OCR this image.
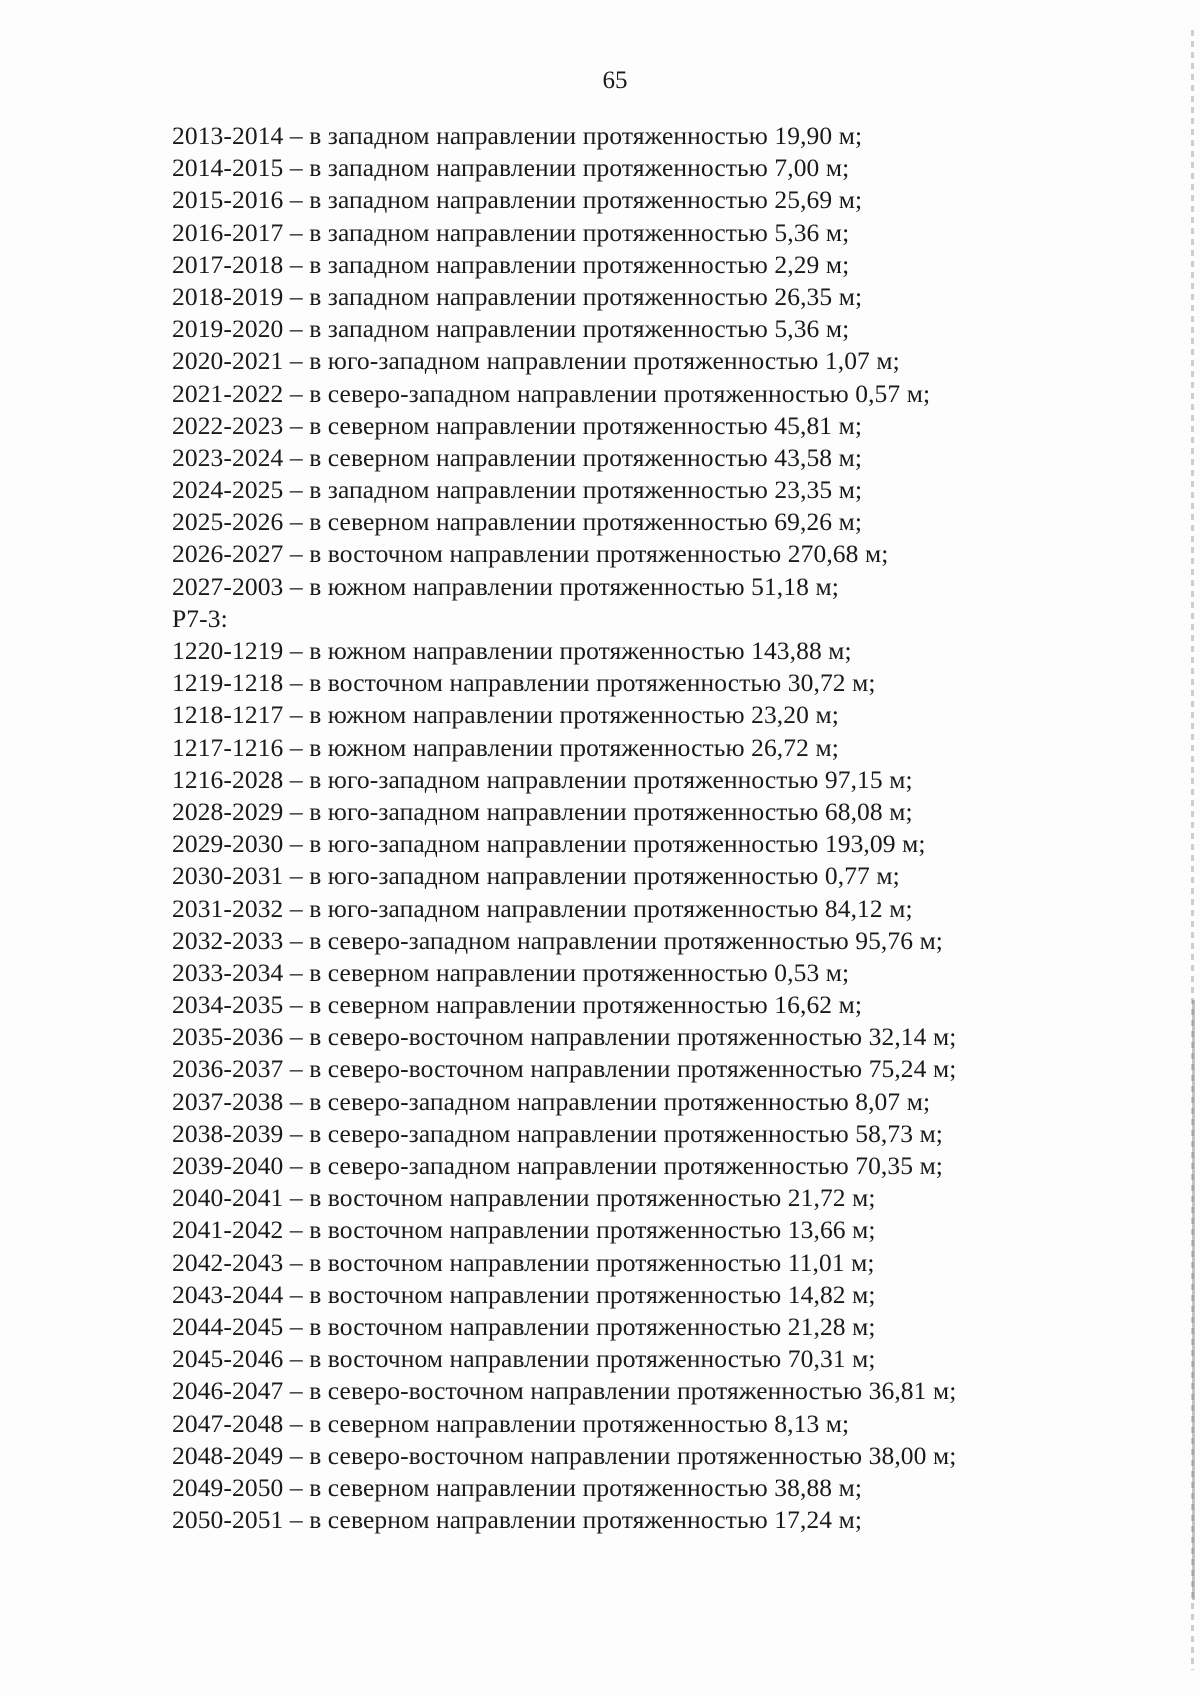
65
2013-2014 – в западном направлении протяженностью 19,90 м;
2014-2015 – в западном направлении протяженностью 7,00 м;
2015-2016 – в западном направлении протяженностью 25,69 м;
2016-2017 – в западном направлении протяженностью 5,36 м;
2017-2018 – в западном направлении протяженностью 2,29 м;
2018-2019 – в западном направлении протяженностью 26,35 м;
2019-2020 – в западном направлении протяженностью 5,36 м;
2020-2021 – в юго-западном направлении протяженностью 1,07 м;
2021-2022 – в северо-западном направлении протяженностью 0,57 м;
2022-2023 – в северном направлении протяженностью 45,81 м;
2023-2024 – в северном направлении протяженностью 43,58 м;
2024-2025 – в западном направлении протяженностью 23,35 м;
2025-2026 – в северном направлении протяженностью 69,26 м;
2026-2027 – в восточном направлении протяженностью 270,68 м;
2027-2003 – в южном направлении протяженностью 51,18 м;
Р7-3:
1220-1219 – в южном направлении протяженностью 143,88 м;
1219-1218 – в восточном направлении протяженностью 30,72 м;
1218-1217 – в южном направлении протяженностью 23,20 м;
1217-1216 – в южном направлении протяженностью 26,72 м;
1216-2028 – в юго-западном направлении протяженностью 97,15 м;
2028-2029 – в юго-западном направлении протяженностью 68,08 м;
2029-2030 – в юго-западном направлении протяженностью 193,09 м;
2030-2031 – в юго-западном направлении протяженностью 0,77 м;
2031-2032 – в юго-западном направлении протяженностью 84,12 м;
2032-2033 – в северо-западном направлении протяженностью 95,76 м;
2033-2034 – в северном направлении протяженностью 0,53 м;
2034-2035 – в северном направлении протяженностью 16,62 м;
2035-2036 – в северо-восточном направлении протяженностью 32,14 м;
2036-2037 – в северо-восточном направлении протяженностью 75,24 м;
2037-2038 – в северо-западном направлении протяженностью 8,07 м;
2038-2039 – в северо-западном направлении протяженностью 58,73 м;
2039-2040 – в северо-западном направлении протяженностью 70,35 м;
2040-2041 – в восточном направлении протяженностью 21,72 м;
2041-2042 – в восточном направлении протяженностью 13,66 м;
2042-2043 – в восточном направлении протяженностью 11,01 м;
2043-2044 – в восточном направлении протяженностью 14,82 м;
2044-2045 – в восточном направлении протяженностью 21,28 м;
2045-2046 – в восточном направлении протяженностью 70,31 м;
2046-2047 – в северо-восточном направлении протяженностью 36,81 м;
2047-2048 – в северном направлении протяженностью 8,13 м;
2048-2049 – в северо-восточном направлении протяженностью 38,00 м;
2049-2050 – в северном направлении протяженностью 38,88 м;
2050-2051 – в северном направлении протяженностью 17,24 м;
